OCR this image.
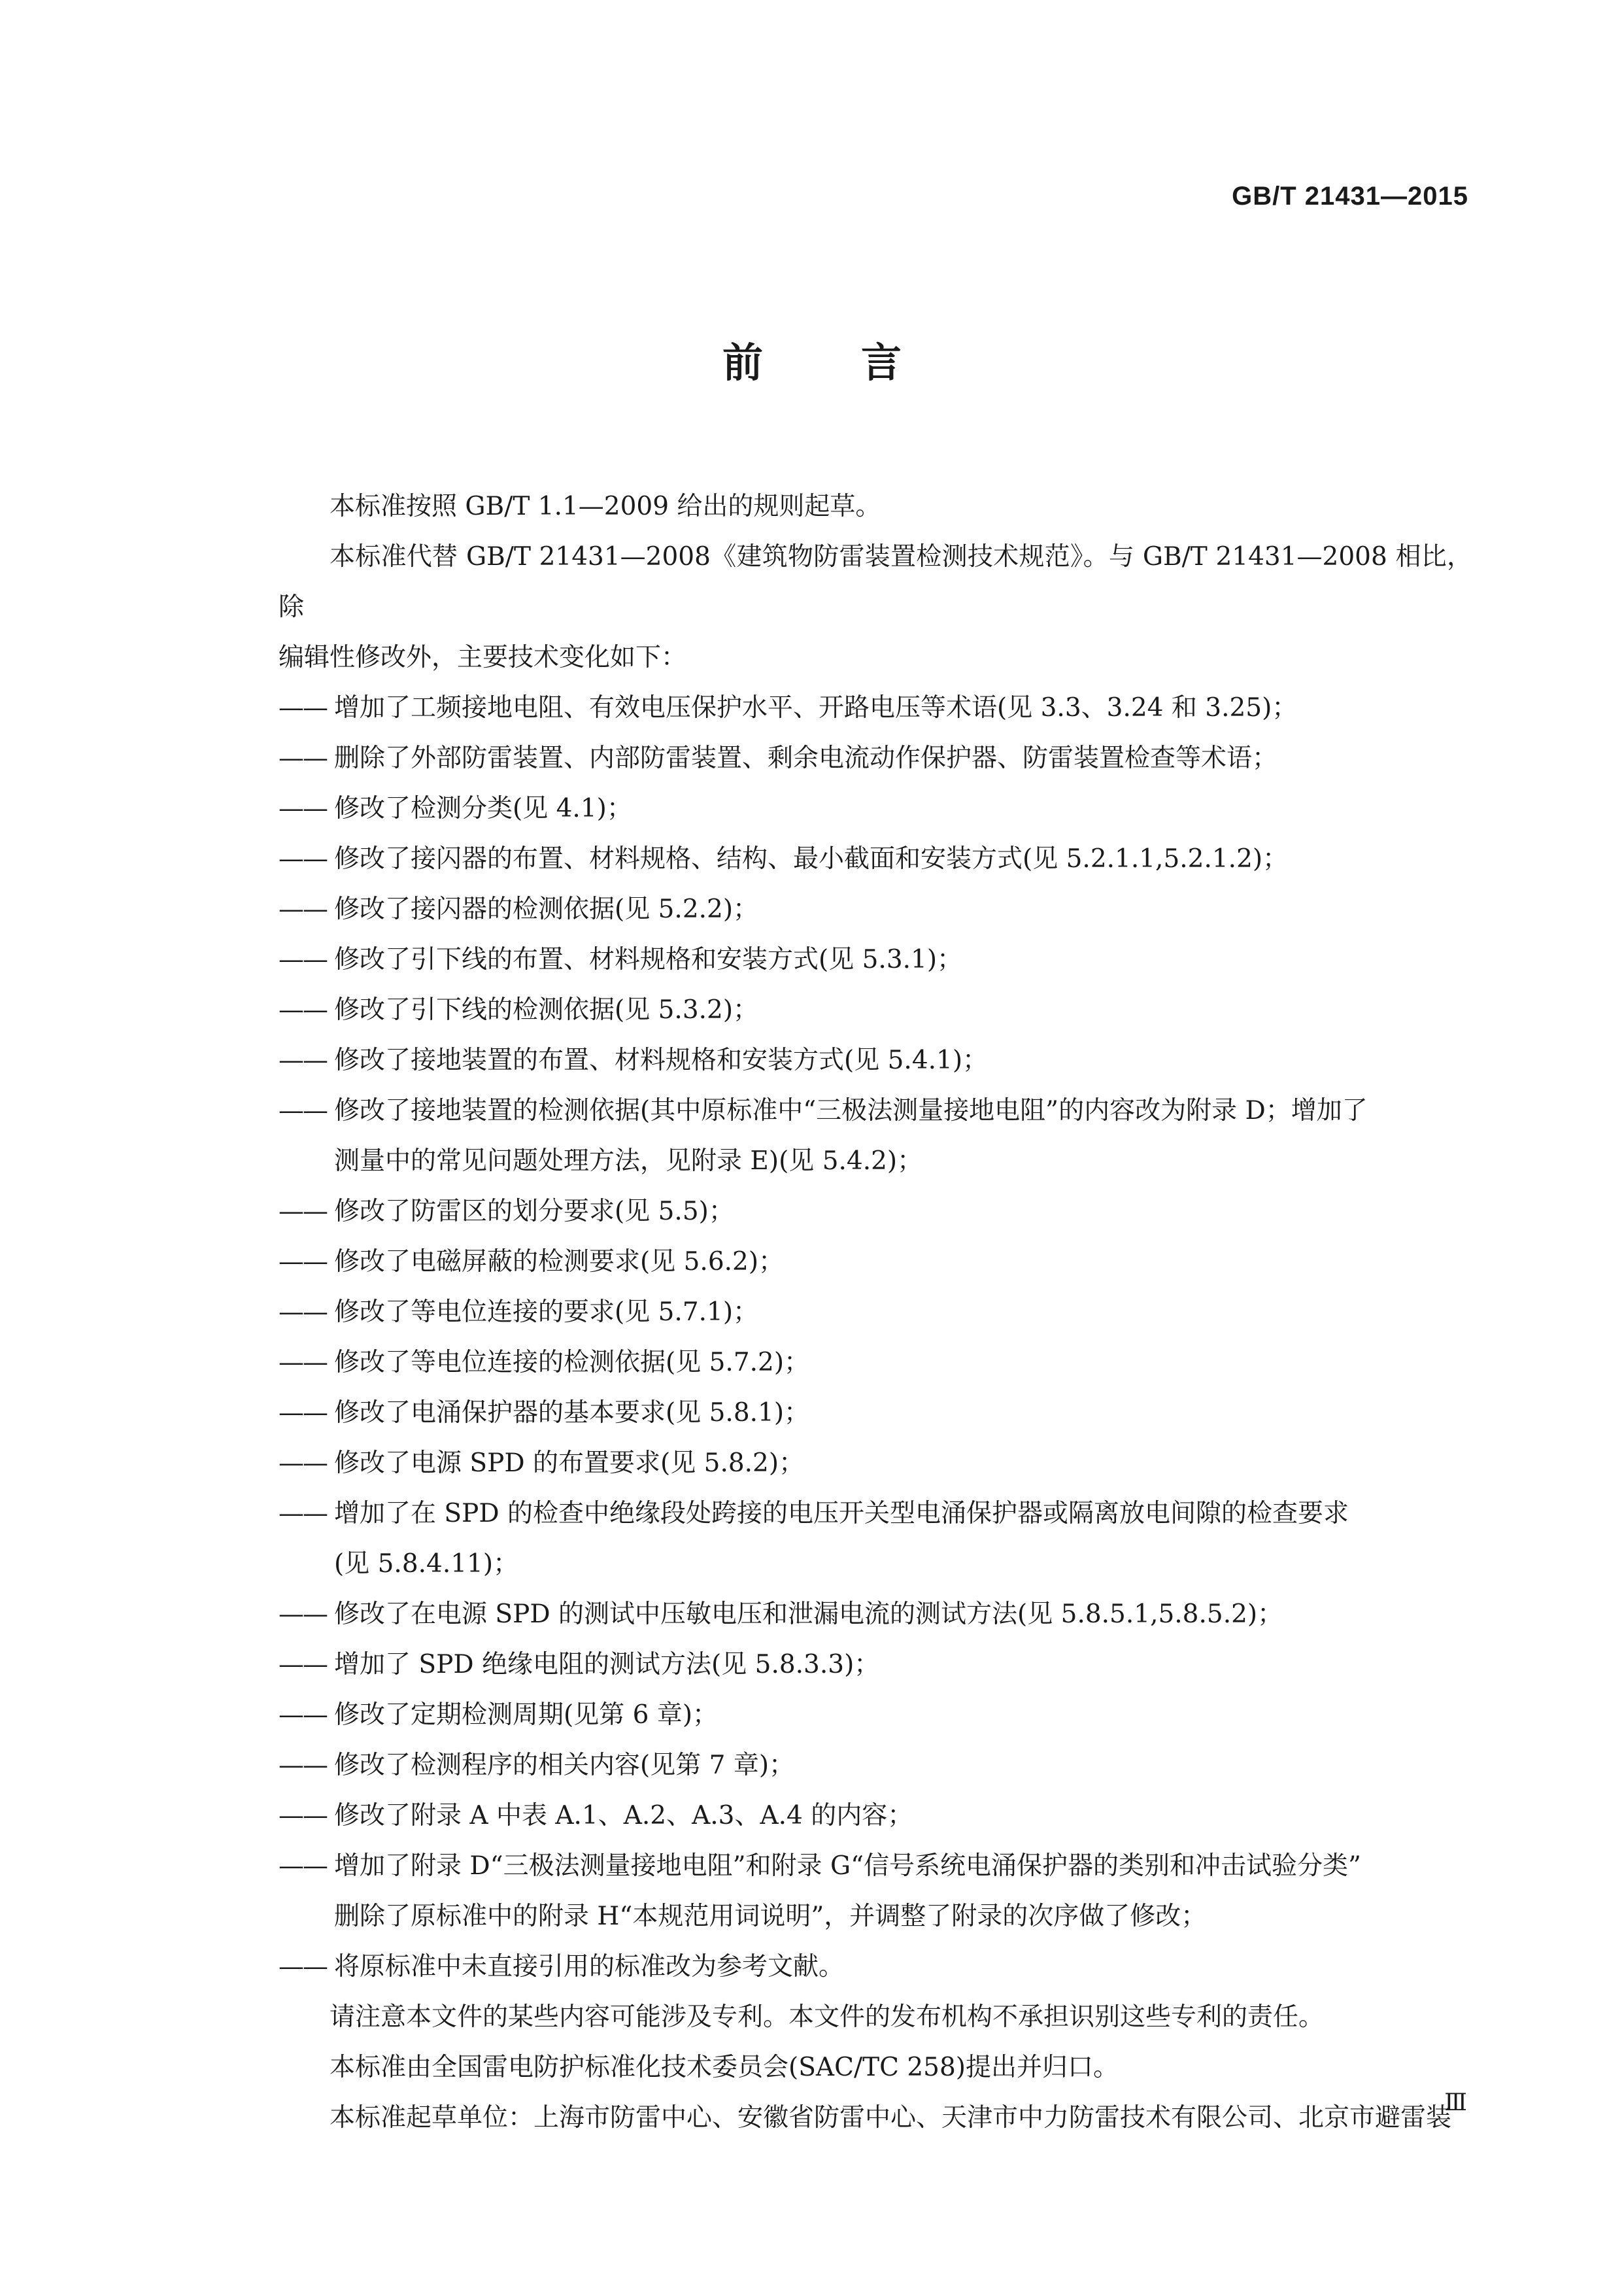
GB/T 21431—2015
前言

本标准按照 GB/T 1.1—2009 给出的规则起草。

本标准代替 GB/T 21431—2008《建筑物防雷装置检测技术规范》。与 GB/T 21431—2008 相比，除

编辑性修改外，主要技术变化如下：

—— 增加了工频接地电阻、有效电压保护水平、开路电压等术语(见 3.3、3.24 和 3.25)；
—— 删除了外部防雷装置、内部防雷装置、剩余电流动作保护器、防雷装置检查等术语；
—— 修改了检测分类(见 4.1)；
—— 修改了接闪器的布置、材料规格、结构、最小截面和安装方式(见 5.2.1.1,5.2.1.2)；
—— 修改了接闪器的检测依据(见 5.2.2)；
—— 修改了引下线的布置、材料规格和安装方式(见 5.3.1)；
—— 修改了引下线的检测依据(见 5.3.2)；
—— 修改了接地装置的布置、材料规格和安装方式(见 5.4.1)；
—— 修改了接地装置的检测依据(其中原标准中“三极法测量接地电阻”的内容改为附录 D；增加了
测量中的常见问题处理方法，见附录 E)(见 5.4.2)；
—— 修改了防雷区的划分要求(见 5.5)；
—— 修改了电磁屏蔽的检测要求(见 5.6.2)；
—— 修改了等电位连接的要求(见 5.7.1)；
—— 修改了等电位连接的检测依据(见 5.7.2)；
—— 修改了电涌保护器的基本要求(见 5.8.1)；
—— 修改了电源 SPD 的布置要求(见 5.8.2)；
—— 增加了在 SPD 的检查中绝缘段处跨接的电压开关型电涌保护器或隔离放电间隙的检查要求
(见 5.8.4.11)；
—— 修改了在电源 SPD 的测试中压敏电压和泄漏电流的测试方法(见 5.8.5.1,5.8.5.2)；
—— 增加了 SPD 绝缘电阻的测试方法(见 5.8.3.3)；
—— 修改了定期检测周期(见第 6 章)；
—— 修改了检测程序的相关内容(见第 7 章)；
—— 修改了附录 A 中表 A.1、A.2、A.3、A.4 的内容；
—— 增加了附录 D“三极法测量接地电阻”和附录 G“信号系统电涌保护器的类别和冲击试验分类”
删除了原标准中的附录 H“本规范用词说明”，并调整了附录的次序做了修改；
—— 将原标准中未直接引用的标准改为参考文献。

请注意本文件的某些内容可能涉及专利。本文件的发布机构不承担识别这些专利的责任。

本标准由全国雷电防护标准化技术委员会(SAC/TC 258)提出并归口。

本标准起草单位：上海市防雷中心、安徽省防雷中心、天津市中力防雷技术有限公司、北京市避雷装

Ⅲ
